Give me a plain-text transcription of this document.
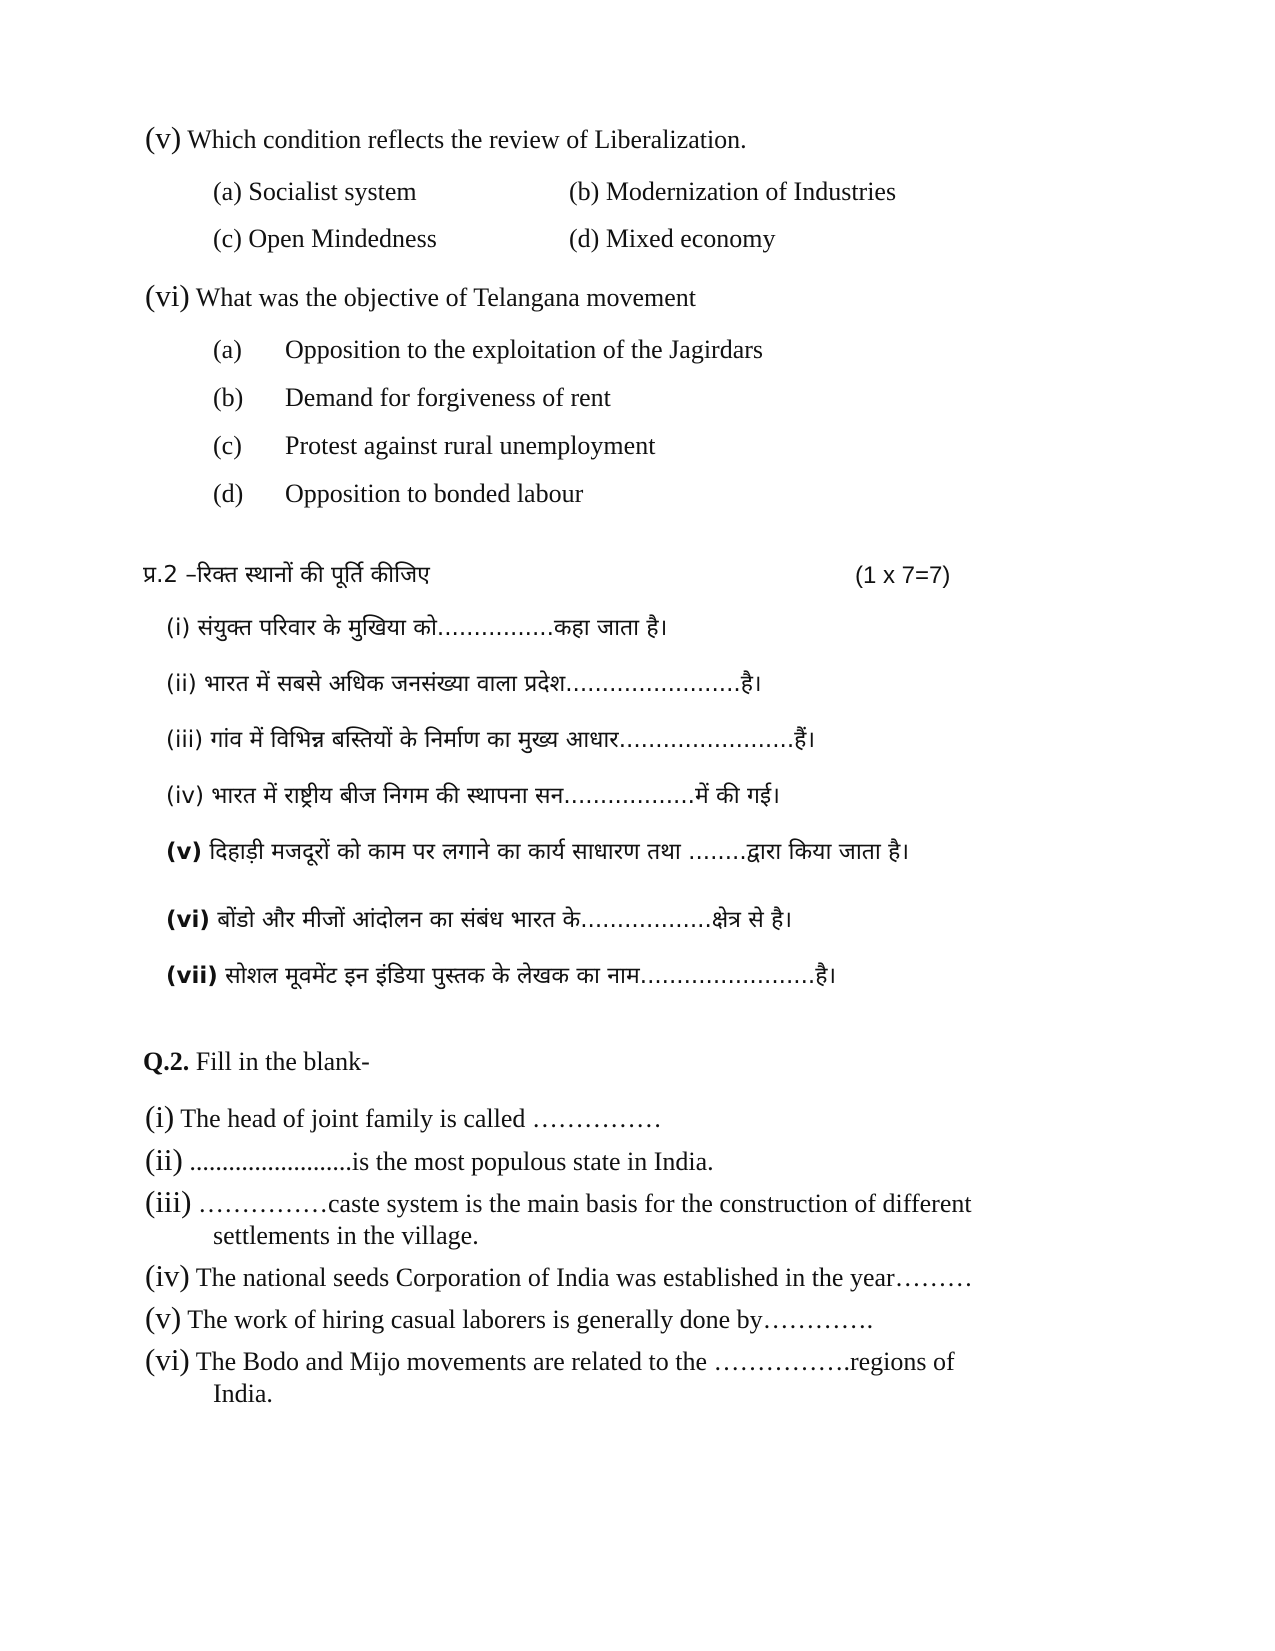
(v) Which condition reflects the review of Liberalization.
(a) Socialist system	(b) Modernization of Industries
(c) Open Mindedness	(d) Mixed economy
(vi) What was the objective of Telangana movement
(a) Opposition to the exploitation of the Jagirdars
(b) Demand for forgiveness of rent
(c) Protest against rural unemployment
(d) Opposition to bonded labour
प्र.2 –रिक्त स्थानों की पूर्ति कीजिए	(1 x 7=7)
(i) संयुक्त परिवार के मुखिया को................कहा जाता है।
(ii) भारत में सबसे अधिक जनसंख्या वाला प्रदेश........................है।
(iii) गांव में विभिन्न बस्तियों के निर्माण का मुख्य आधार........................हैं।
(iv) भारत में राष्ट्रीय बीज निगम की स्थापना सन..................में की गई।
(v) दिहाड़ी मजदूरों को काम पर लगाने का कार्य साधारण तथा ........द्वारा किया जाता है।
(vi) बोंडो और मीजों आंदोलन का संबंध भारत के..................क्षेत्र से है।
(vii) सोशल मूवमेंट इन इंडिया पुस्तक के लेखक का नाम........................है।
Q.2. Fill in the blank-
(i) The head of joint family is called ……………
(ii) .........................is the most populous state in India.
(iii) ……………caste system is the main basis for the construction of different
settlements in the village.
(iv) The national seeds Corporation of India was established in the year………
(v) The work of hiring casual laborers is generally done by………….
(vi) The Bodo and Mijo movements are related to the …………….regions of
India.
